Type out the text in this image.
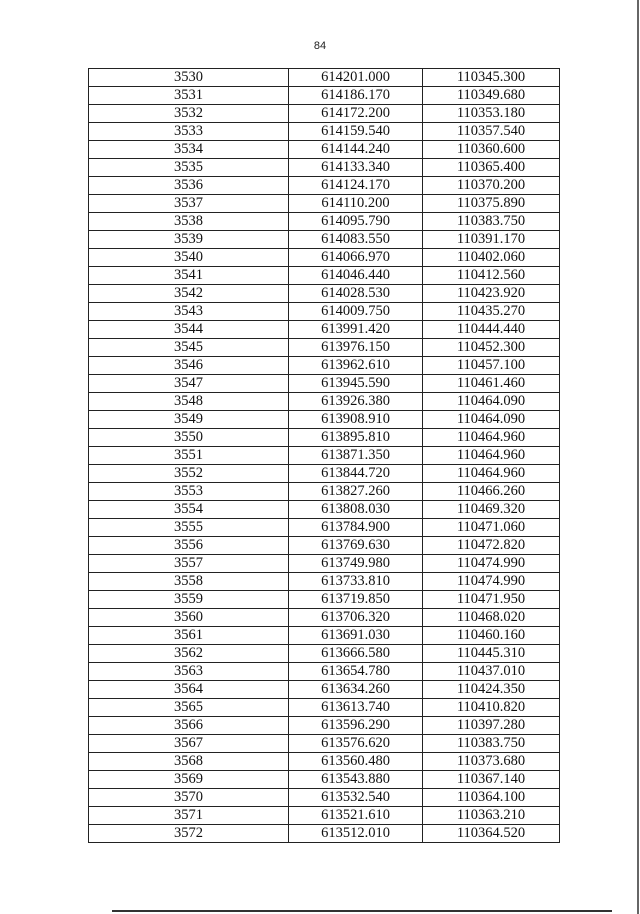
84
3530	614201.000	110345.300
3531	614186.170	110349.680
3532	614172.200	110353.180
3533	614159.540	110357.540
3534	614144.240	110360.600
3535	614133.340	110365.400
3536	614124.170	110370.200
3537	614110.200	110375.890
3538	614095.790	110383.750
3539	614083.550	110391.170
3540	614066.970	110402.060
3541	614046.440	110412.560
3542	614028.530	110423.920
3543	614009.750	110435.270
3544	613991.420	110444.440
3545	613976.150	110452.300
3546	613962.610	110457.100
3547	613945.590	110461.460
3548	613926.380	110464.090
3549	613908.910	110464.090
3550	613895.810	110464.960
3551	613871.350	110464.960
3552	613844.720	110464.960
3553	613827.260	110466.260
3554	613808.030	110469.320
3555	613784.900	110471.060
3556	613769.630	110472.820
3557	613749.980	110474.990
3558	613733.810	110474.990
3559	613719.850	110471.950
3560	613706.320	110468.020
3561	613691.030	110460.160
3562	613666.580	110445.310
3563	613654.780	110437.010
3564	613634.260	110424.350
3565	613613.740	110410.820
3566	613596.290	110397.280
3567	613576.620	110383.750
3568	613560.480	110373.680
3569	613543.880	110367.140
3570	613532.540	110364.100
3571	613521.610	110363.210
3572	613512.010	110364.520
